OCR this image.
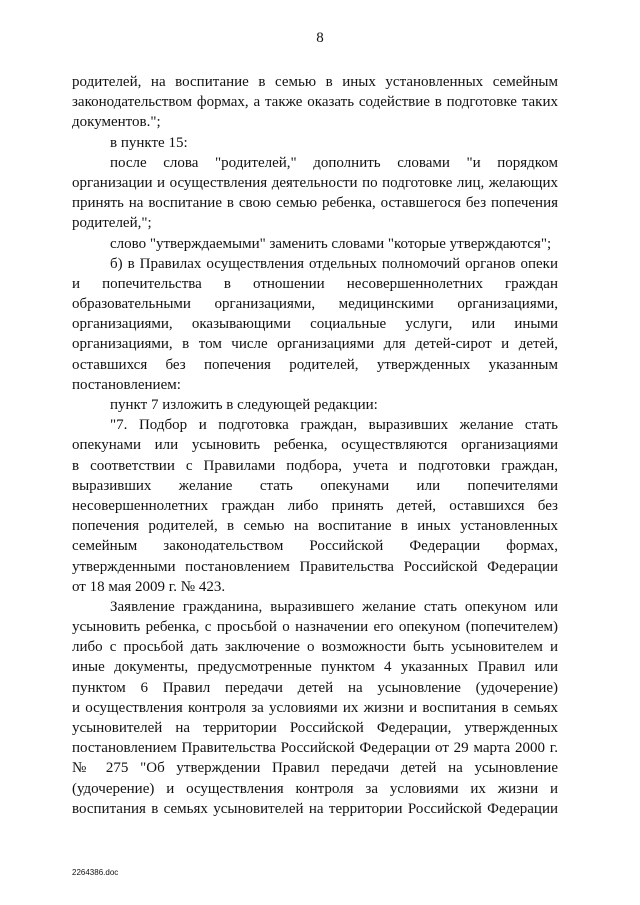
8
родителей, на воспитание в семью в иных установленных семейным
законодательством формах, а также оказать содействие в подготовке таких
документов.";
в пункте 15:
после слова "родителей," дополнить словами "и порядком
организации и осуществления деятельности по подготовке лиц, желающих
принять на воспитание в свою семью ребенка, оставшегося без попечения
родителей,";
слово "утверждаемыми" заменить словами "которые утверждаются";
б) в Правилах осуществления отдельных полномочий органов опеки
и попечительства в отношении несовершеннолетних граждан
образовательными организациями, медицинскими организациями,
организациями, оказывающими социальные услуги, или иными
организациями, в том числе организациями для детей-сирот и детей,
оставшихся без попечения родителей, утвержденных указанным
постановлением:
пункт 7 изложить в следующей редакции:
"7. Подбор и подготовка граждан, выразивших желание стать
опекунами или усыновить ребенка, осуществляются организациями
в соответствии с Правилами подбора, учета и подготовки граждан,
выразивших желание стать опекунами или попечителями
несовершеннолетних граждан либо принять детей, оставшихся без
попечения родителей, в семью на воспитание в иных установленных
семейным законодательством Российской Федерации формах,
утвержденными постановлением Правительства Российской Федерации
от 18 мая 2009 г. № 423.
Заявление гражданина, выразившего желание стать опекуном или
усыновить ребенка, с просьбой о назначении его опекуном (попечителем)
либо с просьбой дать заключение о возможности быть усыновителем и
иные документы, предусмотренные пунктом 4 указанных Правил или
пунктом 6 Правил передачи детей на усыновление (удочерение)
и осуществления контроля за условиями их жизни и воспитания в семьях
усыновителей на территории Российской Федерации, утвержденных
постановлением Правительства Российской Федерации от 29 марта 2000 г.
№ 275 "Об утверждении Правил передачи детей на усыновление
(удочерение) и осуществления контроля за условиями их жизни и
воспитания в семьях усыновителей на территории Российской Федерации
2264386.doc
